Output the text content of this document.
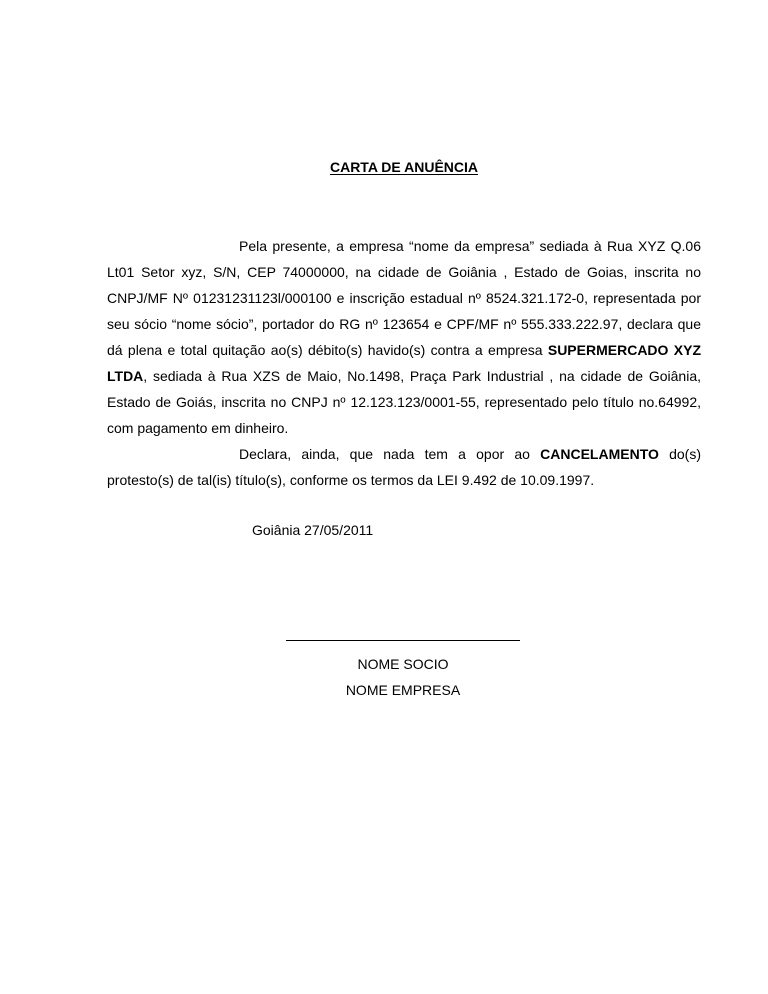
CARTA DE ANUÊNCIA

Pela presente, a empresa “nome da empresa” sediada à Rua XYZ Q.06 Lt01 Setor xyz, S/N, CEP 74000000, na cidade de Goiânia , Estado de Goias, inscrita no CNPJ/MF Nº 01231231123l/000100 e inscrição estadual nº 8524.321.172-0, representada por seu sócio “nome sócio”, portador do RG nº 123654 e CPF/MF nº 555.333.222.97, declara que dá plena e total quitação ao(s) débito(s) havido(s) contra a empresa SUPERMERCADO XYZ LTDA, sediada à Rua XZS de Maio, No.1498, Praça Park Industrial , na cidade de Goiânia, Estado de Goiás, inscrita no CNPJ nº 12.123.123/0001-55, representado pelo título no.64992, com pagamento em dinheiro.

Declara, ainda, que nada tem a opor ao CANCELAMENTO do(s) protesto(s) de tal(is) título(s), conforme os termos da LEI 9.492 de 10.09.1997.

Goiânia 27/05/2011
NOME SOCIO
NOME EMPRESA
